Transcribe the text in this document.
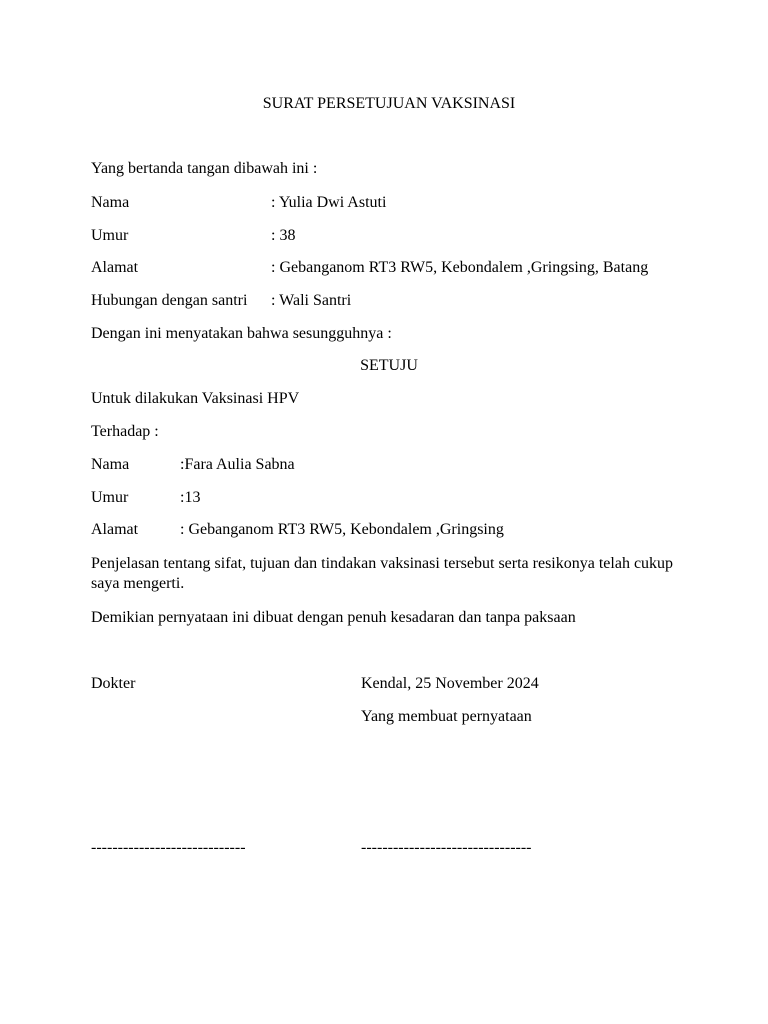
SURAT PERSETUJUAN VAKSINASI
Yang bertanda tangan dibawah ini :
Nama	: Yulia Dwi Astuti
Umur	: 38
Alamat	: Gebanganom RT3 RW5, Kebondalem ,Gringsing, Batang
Hubungan dengan santri : Wali Santri
Dengan ini menyatakan bahwa sesungguhnya :
SETUJU
Untuk dilakukan Vaksinasi HPV
Terhadap :
Nama	:Fara Aulia Sabna
Umur	:13
Alamat	: Gebanganom RT3 RW5, Kebondalem ,Gringsing
Penjelasan tentang sifat, tujuan dan tindakan vaksinasi tersebut serta resikonya telah cukup saya mengerti.
Demikian pernyataan ini dibuat dengan penuh kesadaran dan tanpa paksaan
Dokter	Kendal, 25 November 2024
Yang membuat pernyataan
-----------------------------	--------------------------------
